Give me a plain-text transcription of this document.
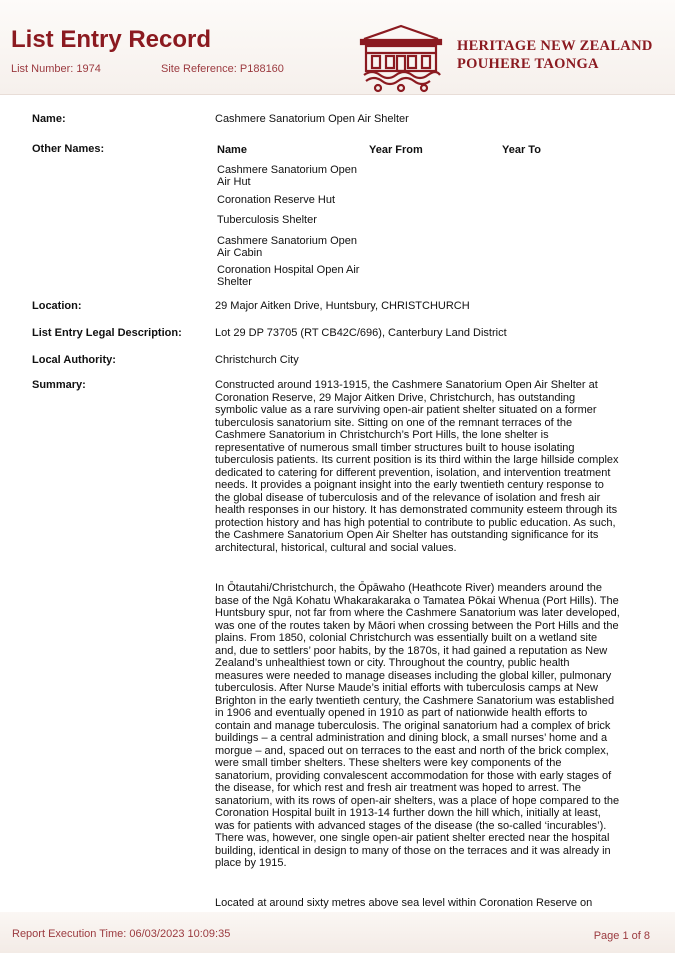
List Entry Record
List Number: 1974	Site Reference: P188160
HERITAGE NEW ZEALAND
POUHERE TAONGA
Name:	Cashmere Sanatorium Open Air Shelter
Other Names:	Name	Year From	Year To
Cashmere Sanatorium Open Air Hut
Coronation Reserve Hut
Tuberculosis Shelter
Cashmere Sanatorium Open Air Cabin
Coronation Hospital Open Air Shelter
Location:	29 Major Aitken Drive, Huntsbury, CHRISTCHURCH
List Entry Legal Description:	Lot 29 DP 73705 (RT CB42C/696), Canterbury Land District
Local Authority:	Christchurch City
Summary:	Constructed around 1913-1915, the Cashmere Sanatorium Open Air Shelter at Coronation Reserve, 29 Major Aitken Drive, Christchurch, has outstanding symbolic value as a rare surviving open-air patient shelter situated on a former tuberculosis sanatorium site. Sitting on one of the remnant terraces of the Cashmere Sanatorium in Christchurch’s Port Hills, the lone shelter is representative of numerous small timber structures built to house isolating tuberculosis patients. Its current position is its third within the large hillside complex dedicated to catering for different prevention, isolation, and intervention treatment needs. It provides a poignant insight into the early twentieth century response to the global disease of tuberculosis and of the relevance of isolation and fresh air health responses in our history. It has demonstrated community esteem through its protection history and has high potential to contribute to public education. As such, the Cashmere Sanatorium Open Air Shelter has outstanding significance for its architectural, historical, cultural and social values.

In Ōtautahi/Christchurch, the Ōpāwaho (Heathcote River) meanders around the base of the Ngā Kohatu Whakarakaraka o Tamatea Pōkai Whenua (Port Hills). The Huntsbury spur, not far from where the Cashmere Sanatorium was later developed, was one of the routes taken by Māori when crossing between the Port Hills and the plains. From 1850, colonial Christchurch was essentially built on a wetland site and, due to settlers’ poor habits, by the 1870s, it had gained a reputation as New Zealand’s unhealthiest town or city. Throughout the country, public health measures were needed to manage diseases including the global killer, pulmonary tuberculosis. After Nurse Maude’s initial efforts with tuberculosis camps at New Brighton in the early twentieth century, the Cashmere Sanatorium was established in 1906 and eventually opened in 1910 as part of nationwide health efforts to contain and manage tuberculosis. The original sanatorium had a complex of brick buildings – a central administration and dining block, a small nurses’ home and a morgue – and, spaced out on terraces to the east and north of the brick complex, were small timber shelters. These shelters were key components of the sanatorium, providing convalescent accommodation for those with early stages of the disease, for which rest and fresh air treatment was hoped to arrest. The sanatorium, with its rows of open-air shelters, was a place of hope compared to the Coronation Hospital built in 1913-14 further down the hill which, initially at least, was for patients with advanced stages of the disease (the so-called ‘incurables’). There was, however, one single open-air patient shelter erected near the hospital building, identical in design to many of those on the terraces and it was already in place by 1915.

Located at around sixty metres above sea level within Coronation Reserve on

Report Execution Time: 06/03/2023 10:09:35	Page 1 of 8
